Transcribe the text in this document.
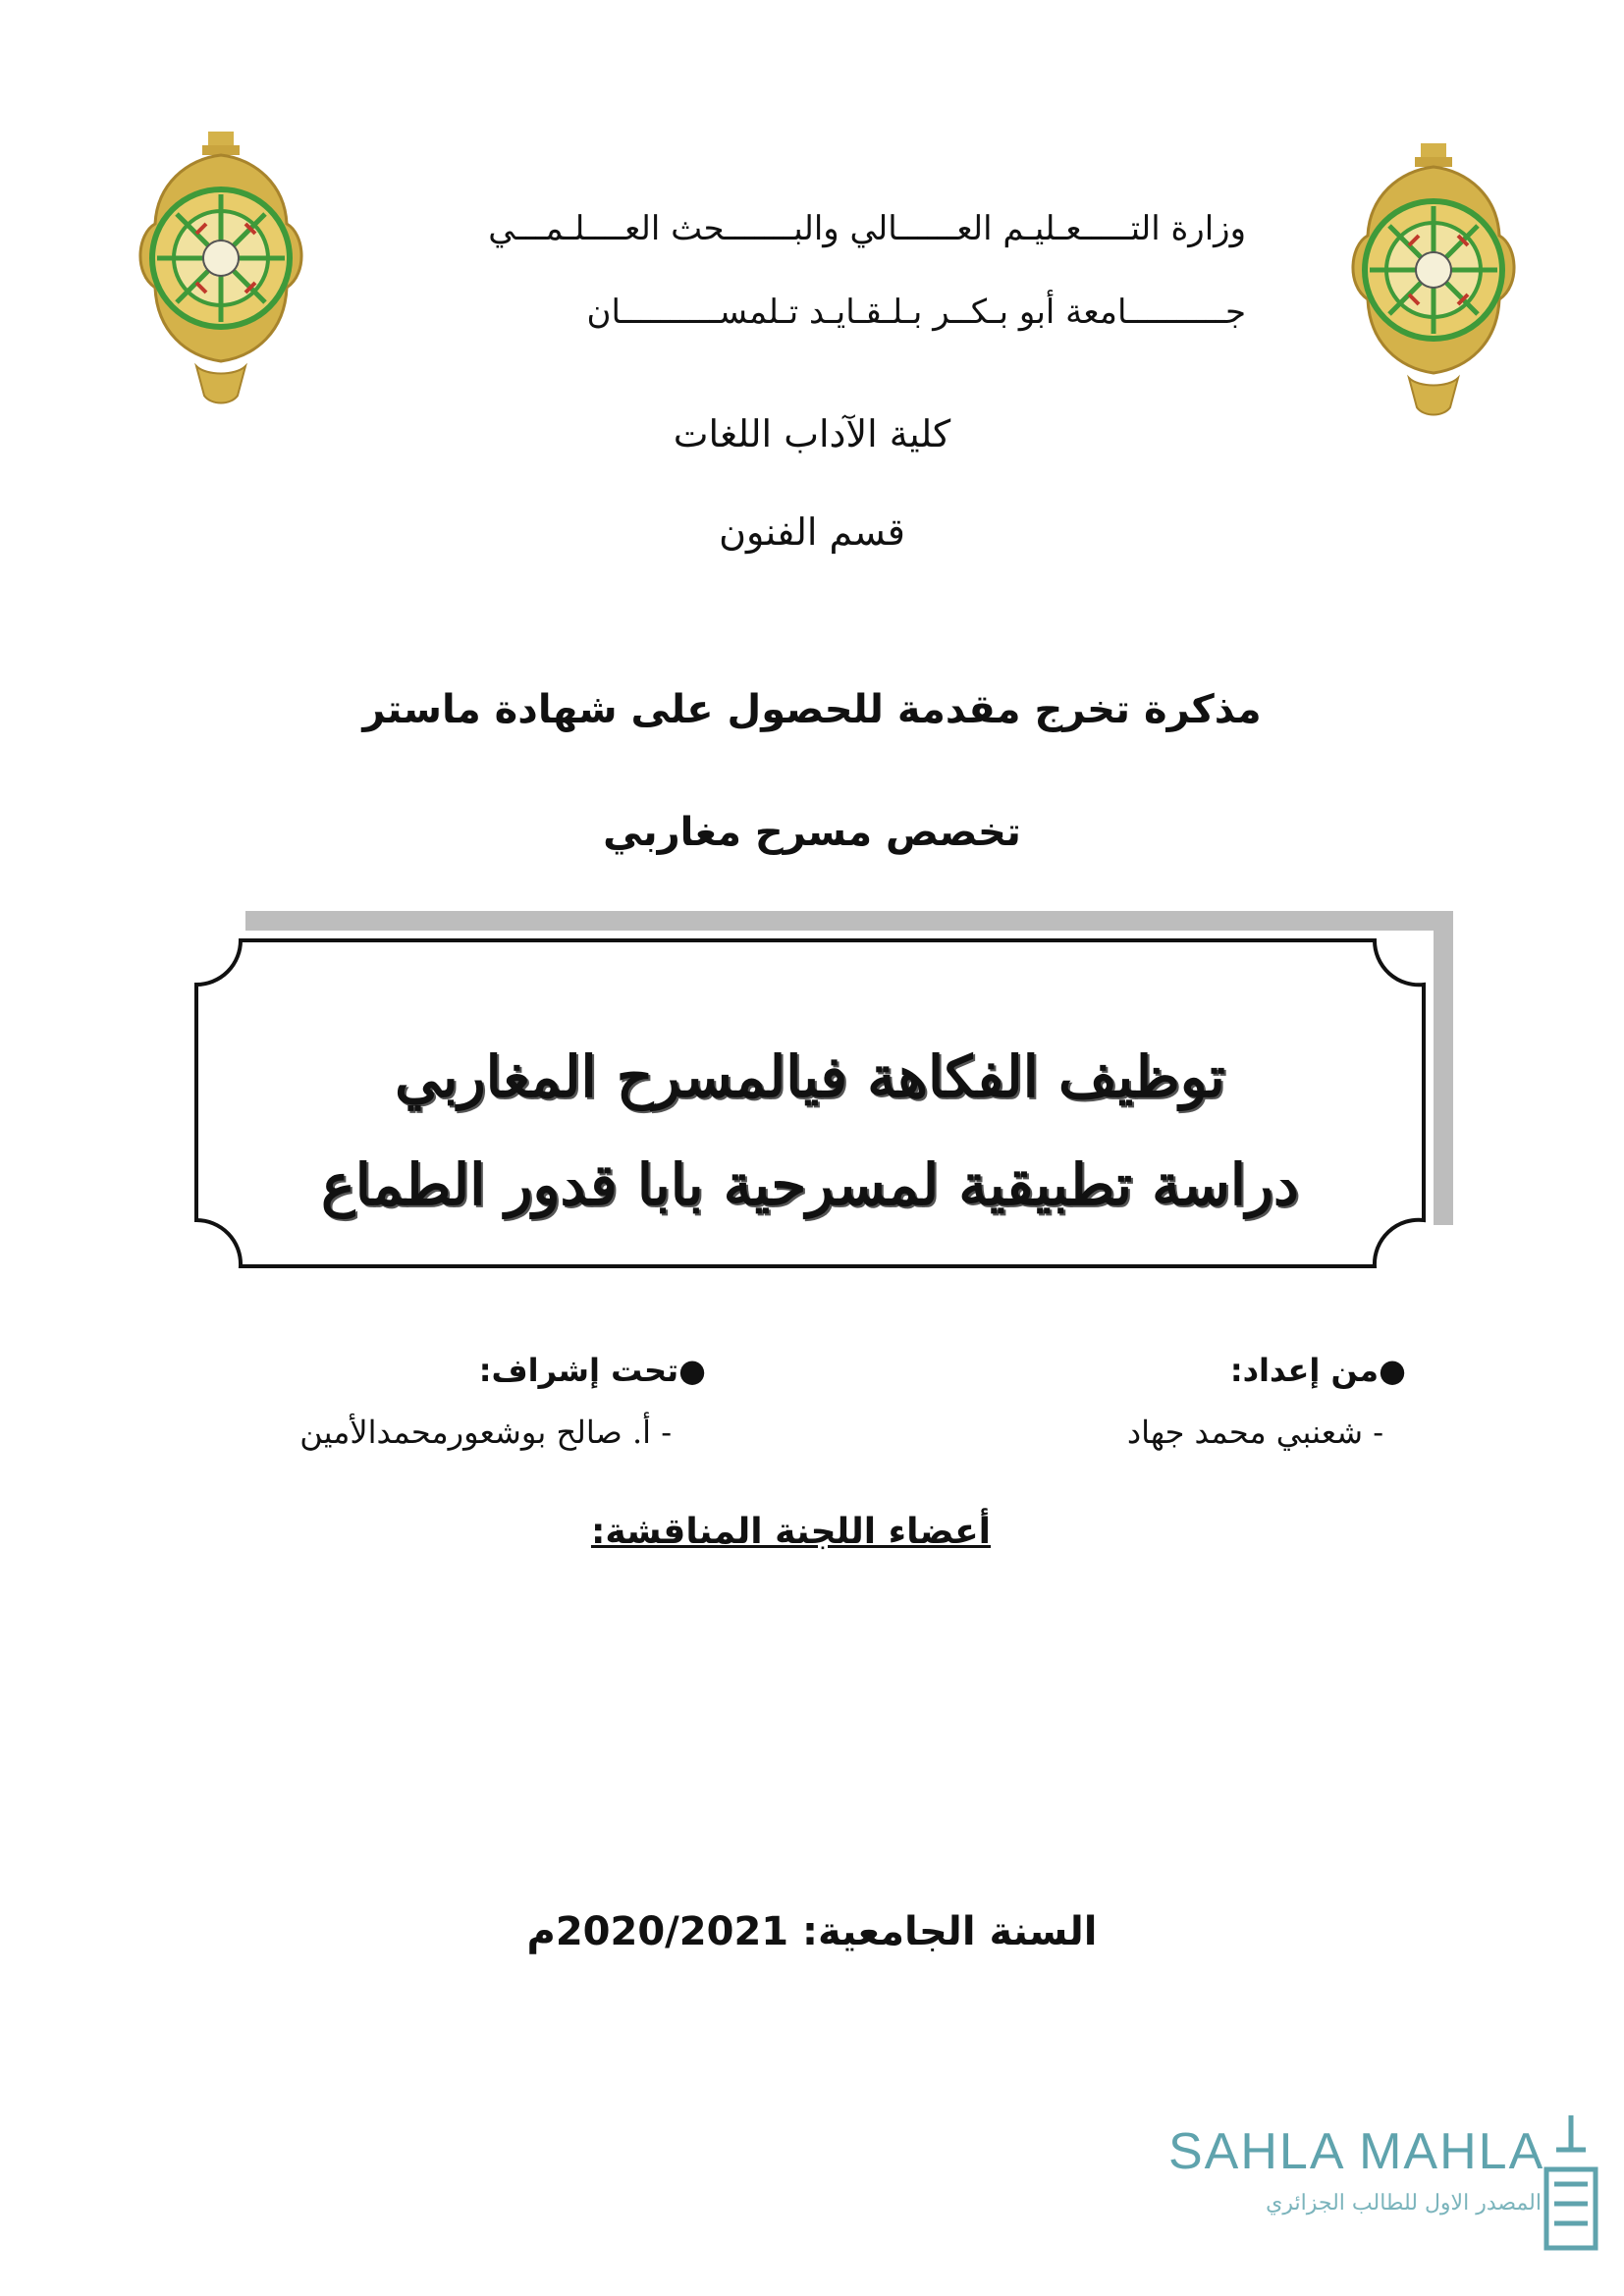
وزارة التـــــعـليـم العــــــالي والبـــــــحث العــــلـمـــي
جــــــــــامعة أبو بـكــر بـلـقـايـد تـلمســــــــــان
كلية الآداب اللغات
قسم الفنون
مذكرة تخرج مقدمة للحصول على شهادة ماستر
تخصص مسرح مغاربي
توظيف الفكاهة فيالمسرح المغاربي
دراسة تطبيقية لمسرحية بابا قدور الطماع
●من إعداد:
- شعنبي محمد جهاد
●تحت إشراف:
- أ. صالح بوشعورمحمدالأمين
أعضاء اللجنة المناقشة:
السنة الجامعية: 2020/2021م
SAHLA MAHLA
المصدر الاول للطالب الجزائري
